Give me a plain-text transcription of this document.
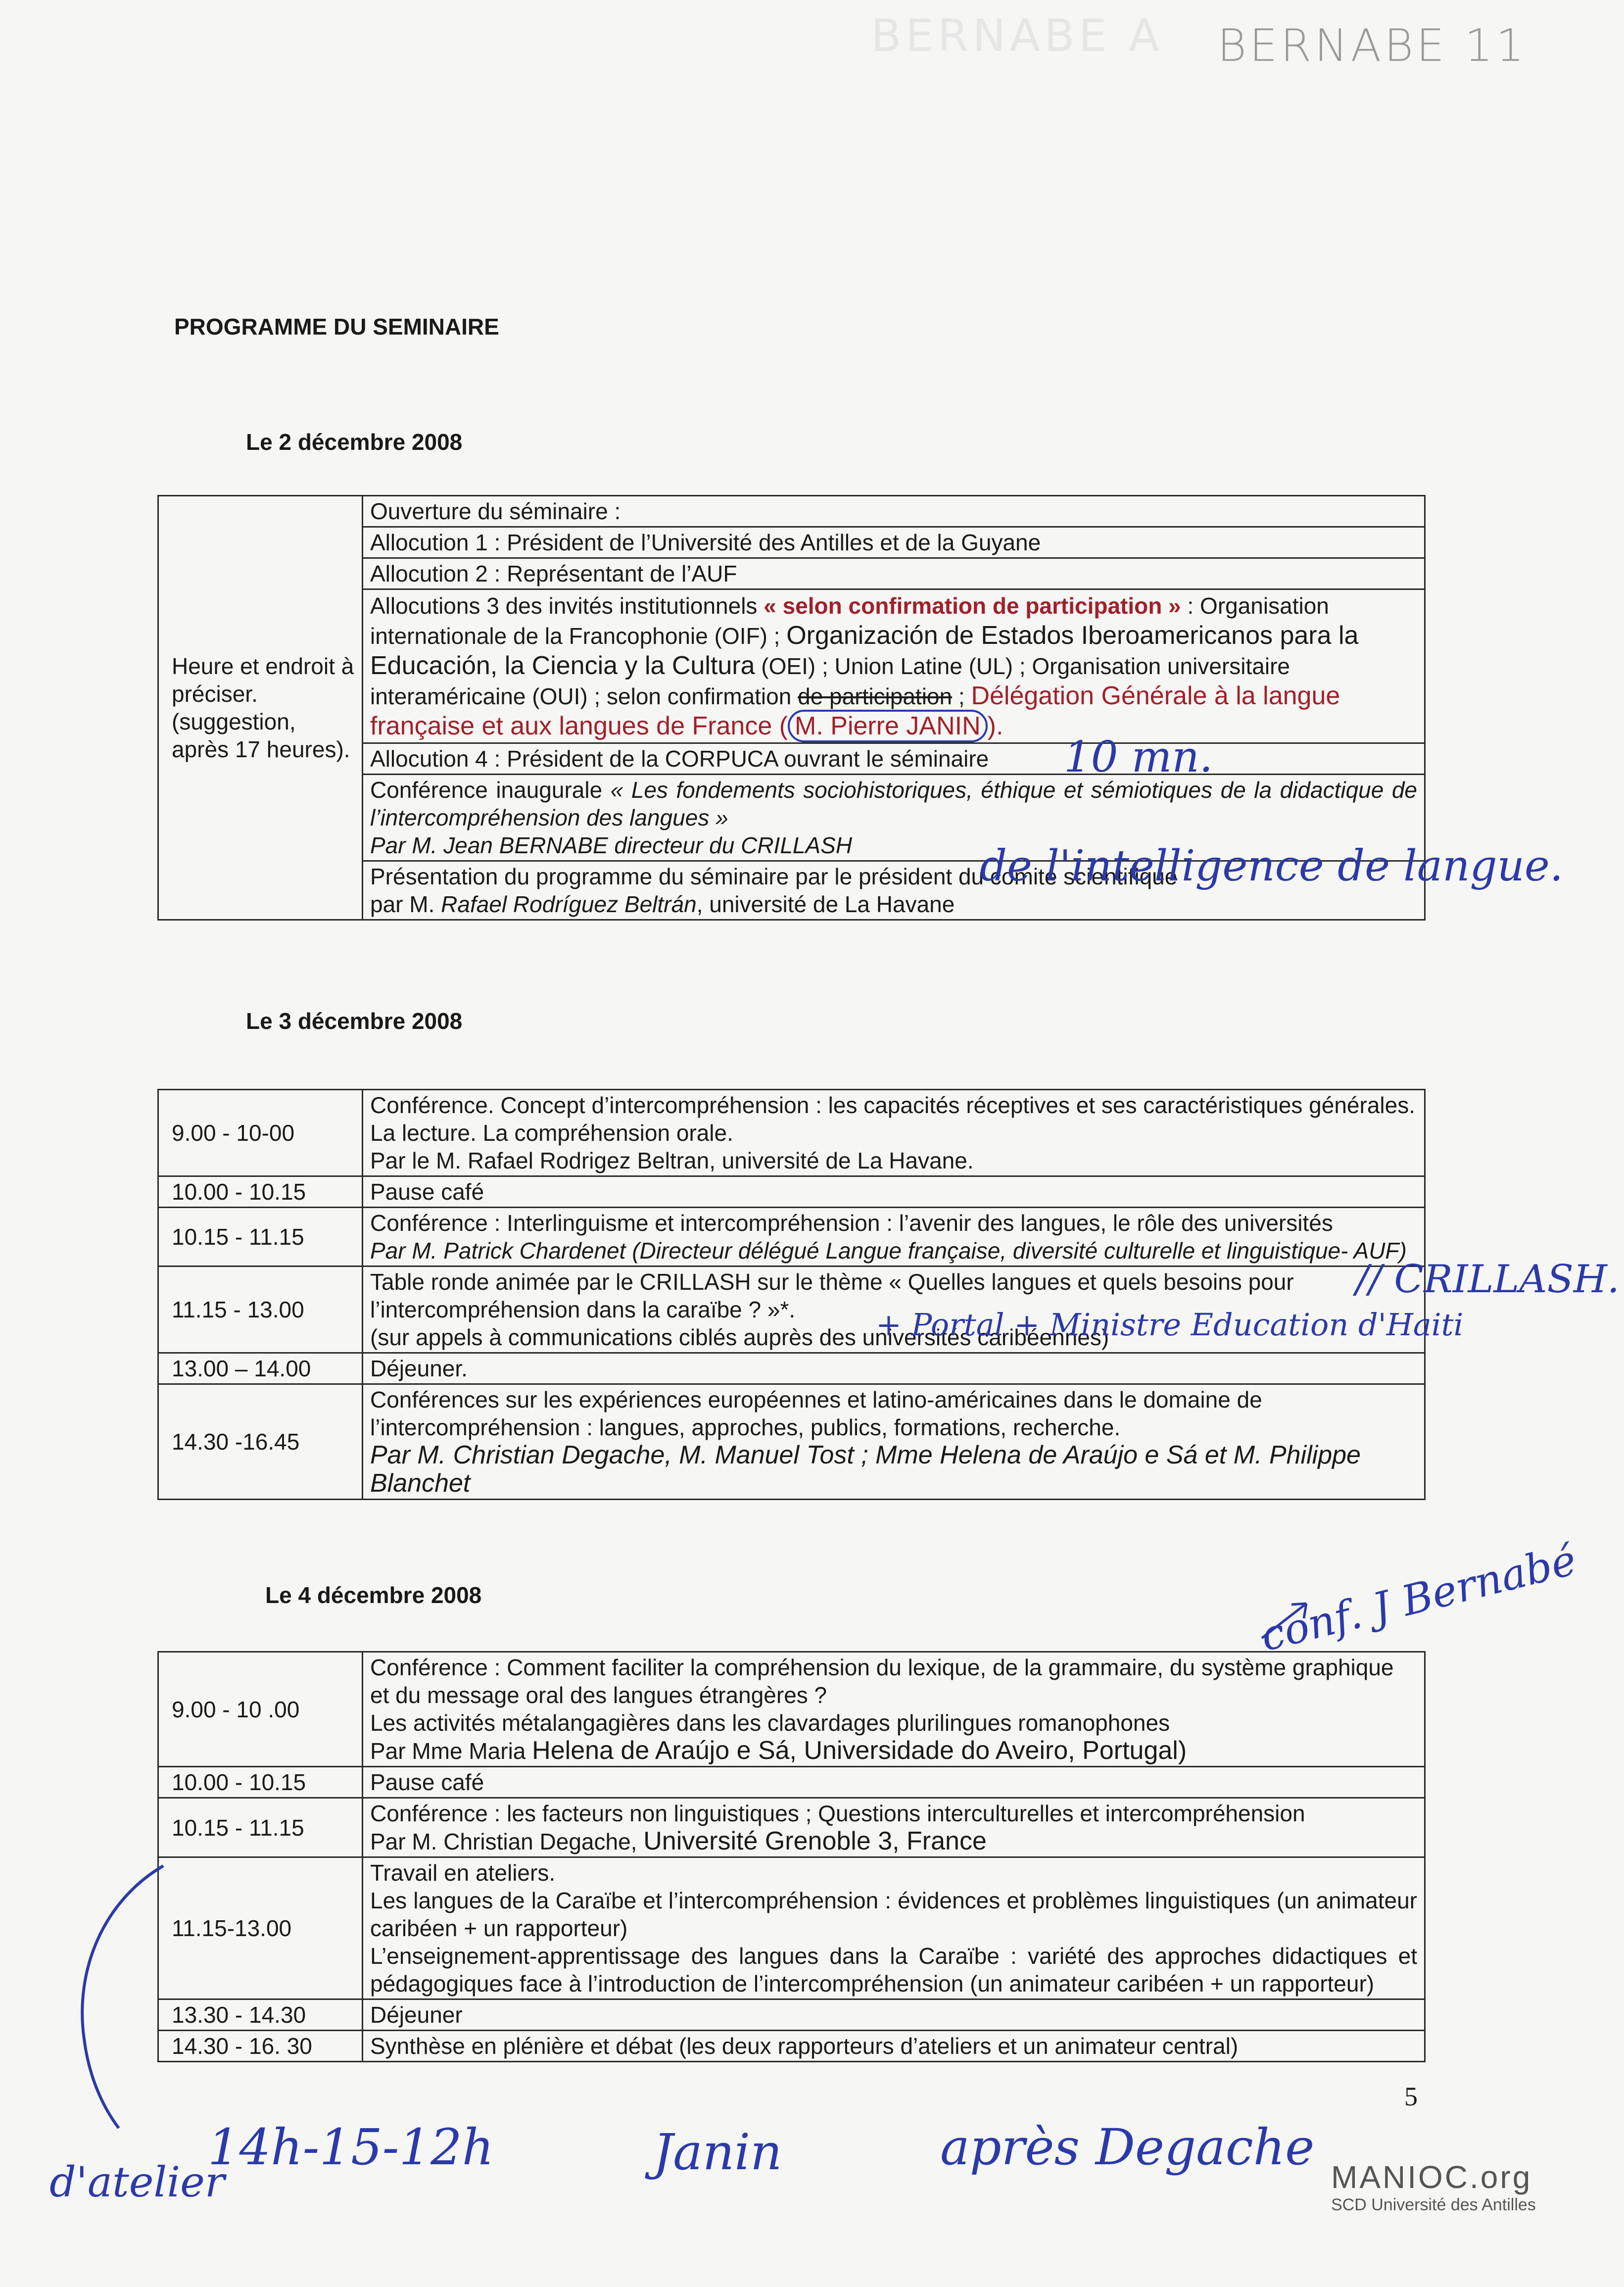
BERNABE A BERNABE 11
PROGRAMME DU SEMINAIRE
Le 2 décembre 2008
Heure et endroit à préciser. (suggestion, après 17 heures).
	Ouverture du séminaire :
Allocution 1 : Président de l’Université des Antilles et de la Guyane
Allocution 2 : Représentant de l’AUF
Allocutions 3 des invités institutionnels « selon confirmation de participation » : Organisation internationale de la Francophonie (OIF) ; Organización de Estados Iberoamericanos para la Educación, la Ciencia y la Cultura (OEI) ; Union Latine (UL) ; Organisation universitaire interaméricaine (OUI) ; selon confirmation de participation ; Délégation Générale à la langue française et aux langues de France ( M. Pierre JANIN ).
Allocution 4 : Président de la CORPUCA ouvrant le séminaire
Conférence inaugurale « Les fondements sociohistoriques, éthique et sémiotiques de la didactique de l’intercompréhension des langues »
Par M. Jean BERNABE directeur du CRILLASH
Présentation du programme du séminaire par le président du comité scientifique
par M. Rafael Rodríguez Beltrán, université de La Havane
10 mn.
de l'intelligence de langue.
Le 3 décembre 2008
9.00 - 10-00	Conférence. Concept d’intercompréhension : les capacités réceptives et ses caractéristiques générales. La lecture. La compréhension orale.
Par le M. Rafael Rodrigez Beltran, université de La Havane.
10.00 - 10.15	Pause café
10.15 - 11.15	Conférence : Interlinguisme et intercompréhension : l’avenir des langues, le rôle des universités
Par M. Patrick Chardenet (Directeur délégué Langue française, diversité culturelle et linguistique- AUF)
11.15 - 13.00	Table ronde animée par le CRILLASH sur le thème « Quelles langues et quels besoins pour l’intercompréhension dans la caraïbe ? »*.
(sur appels à communications ciblés auprès des universités caribéennes)
13.00 – 14.00	Déjeuner.
14.30 -16.45	Conférences sur les expériences européennes et latino-américaines dans le domaine de l’intercompréhension : langues, approches, publics, formations, recherche.
Par M. Christian Degache, M. Manuel Tost ; Mme Helena de Araújo e Sá et M. Philippe Blanchet
// CRILLASH.
+ Portal + Ministre Education d'Haiti
conf. J Bernabé
Le 4 décembre 2008
9.00 - 10 .00	Conférence : Comment faciliter la compréhension du lexique, de la grammaire, du système graphique et du message oral des langues étrangères ?
Les activités métalangagières dans les clavardages plurilingues romanophones
Par Mme Maria Helena de Araújo e Sá, Universidade do Aveiro, Portugal)
10.00 - 10.15	Pause café
10.15 - 11.15	Conférence : les facteurs non linguistiques ; Questions interculturelles et intercompréhension
Par M. Christian Degache, Université Grenoble 3, France
11.15-13.00	Travail en ateliers.
Les langues de la Caraïbe et l’intercompréhension : évidences et problèmes linguistiques (un animateur caribéen + un rapporteur)
L’enseignement-apprentissage des langues dans la Caraïbe : variété des approches didactiques et pédagogiques face à l’introduction de l’intercompréhension (un animateur caribéen + un rapporteur)
13.30 - 14.30	Déjeuner
14.30 - 16. 30	Synthèse en plénière et débat (les deux rapporteurs d’ateliers et un animateur central)
5
14h-15-12h	Janin	après Degache
d'atelier	MANIOC.org
SCD Université des Antilles
